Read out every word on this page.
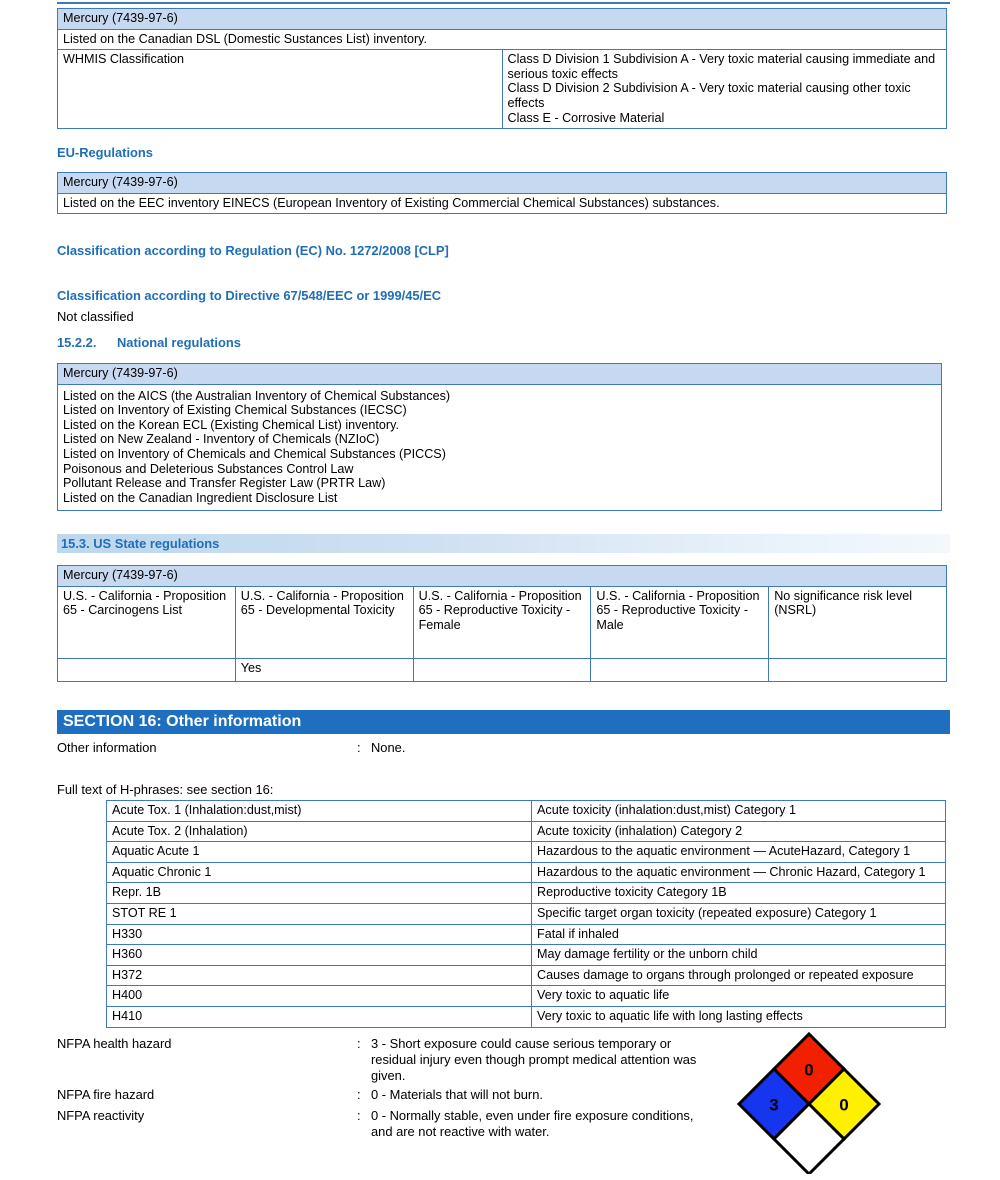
Mercury (7439-97-6)
Listed on the Canadian DSL (Domestic Sustances List) inventory.
WHMIS Classification	Class D Division 1 Subdivision A - Very toxic material causing immediate and serious toxic effects
Class D Division 2 Subdivision A - Very toxic material causing other toxic effects
Class E - Corrosive Material
EU-Regulations
Mercury (7439-97-6)
Listed on the EEC inventory EINECS (European Inventory of Existing Commercial Chemical Substances) substances.
Classification according to Regulation (EC) No. 1272/2008 [CLP]
Classification according to Directive 67/548/EEC or 1999/45/EC
Not classified
15.2.2. National regulations
Mercury (7439-97-6)

Listed on the AICS (the Australian Inventory of Chemical Substances)
Listed on Inventory of Existing Chemical Substances (IECSC)
Listed on the Korean ECL (Existing Chemical List) inventory.
Listed on New Zealand - Inventory of Chemicals (NZIoC)
Listed on Inventory of Chemicals and Chemical Substances (PICCS)
Poisonous and Deleterious Substances Control Law
Pollutant Release and Transfer Register Law (PRTR Law)
Listed on the Canadian Ingredient Disclosure List
15.3. US State regulations
Mercury (7439-97-6)				
U.S. - California - Proposition 65 - Carcinogens List	U.S. - California - Proposition 65 - Developmental Toxicity	U.S. - California - Proposition 65 - Reproductive Toxicity - Female	U.S. - California - Proposition 65 - Reproductive Toxicity - Male	No significance risk level (NSRL)
	Yes			
SECTION 16: Other information
Other information	: None.
Full text of H-phrases: see section 16:
Acute Tox. 1 (Inhalation:dust,mist)	Acute toxicity (inhalation:dust,mist) Category 1
Acute Tox. 2 (Inhalation)	Acute toxicity (inhalation) Category 2
Aquatic Acute 1	Hazardous to the aquatic environment — AcuteHazard, Category 1
Aquatic Chronic 1	Hazardous to the aquatic environment — Chronic Hazard, Category 1
Repr. 1B	Reproductive toxicity Category 1B
STOT RE 1	Specific target organ toxicity (repeated exposure) Category 1
H330	Fatal if inhaled
H360	May damage fertility or the unborn child
H372	Causes damage to organs through prolonged or repeated exposure
H400	Very toxic to aquatic life
H410	Very toxic to aquatic life with long lasting effects
NFPA health hazard	: 3 - Short exposure could cause serious temporary or residual injury even though prompt medical attention was given.
NFPA fire hazard	: 0 - Materials that will not burn.
NFPA reactivity	: 0 - Normally stable, even under fire exposure conditions, and are not reactive with water.
0
3	0
